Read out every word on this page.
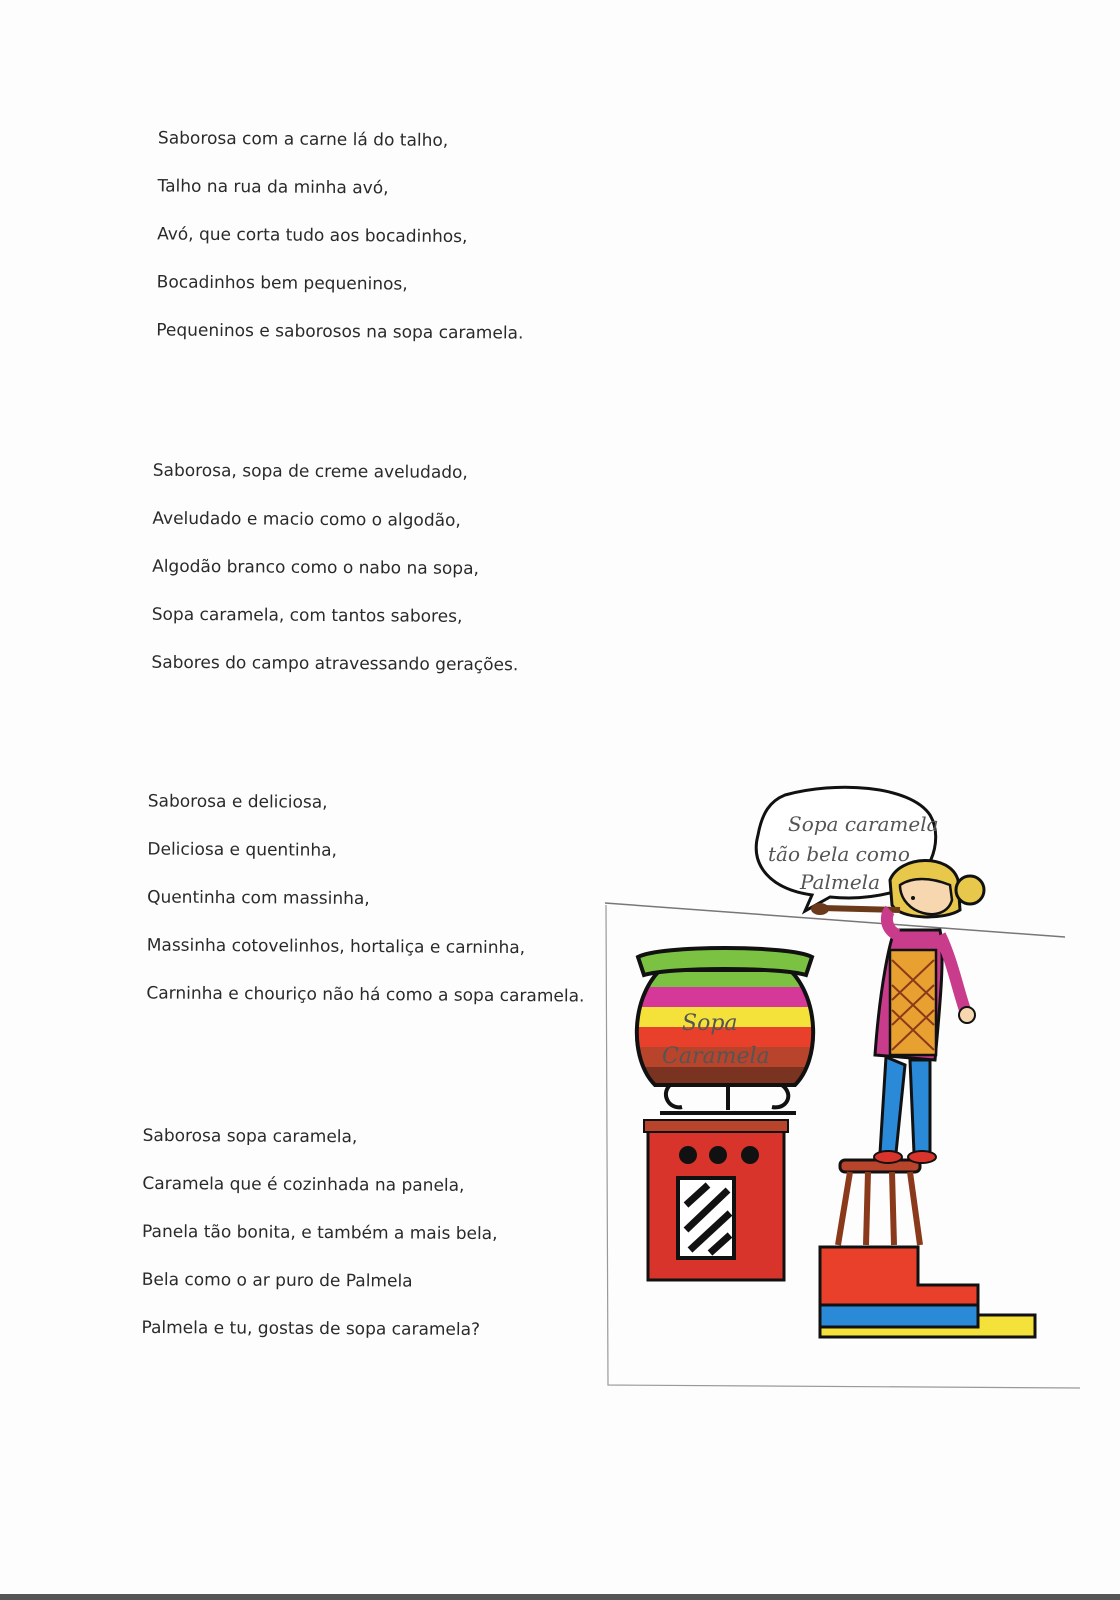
Saborosa com a carne lá do talho,
Talho na rua da minha avó,
Avó, que corta tudo aos bocadinhos,
Bocadinhos bem pequeninos,
Pequeninos e saborosos na sopa caramela.
Saborosa, sopa de creme aveludado,
Aveludado e macio como o algodão,
Algodão branco como o nabo na sopa,
Sopa caramela, com tantos sabores,
Sabores do campo atravessando gerações.
Saborosa e deliciosa,
Deliciosa e quentinha,
Quentinha com massinha,
Massinha cotovelinhos, hortaliça e carninha,
Carninha e chouriço não há como a sopa caramela.
Saborosa sopa caramela,
Caramela que é cozinhada na panela,
Panela tão bonita, e também a mais bela,
Bela como o ar puro de Palmela
Palmela e tu, gostas de sopa caramela?
Sopa caramela
tão bela como
Palmela
Sopa
Caramela
